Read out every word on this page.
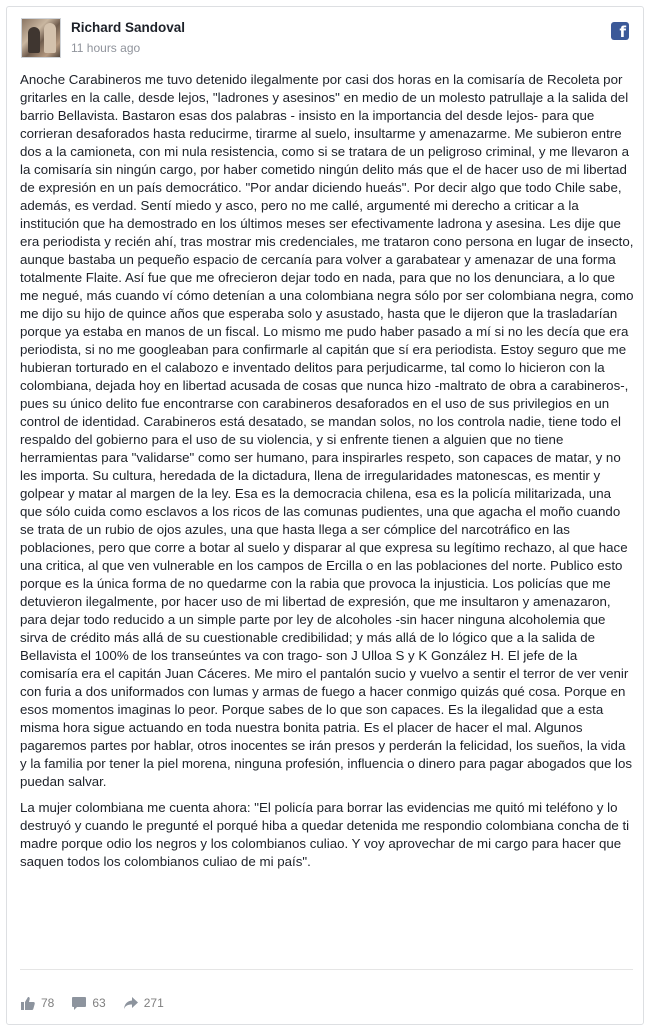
Richard Sandoval
11 hours ago
f

Anoche Carabineros me tuvo detenido ilegalmente por casi dos horas en la comisaría de Recoleta por gritarles en la calle, desde lejos, "ladrones y asesinos" en medio de un molesto patrullaje a la salida del barrio Bellavista. Bastaron esas dos palabras - insisto en la importancia del desde lejos- para que corrieran desaforados hasta reducirme, tirarme al suelo, insultarme y amenazarme. Me subieron entre dos a la camioneta, con mi nula resistencia, como si se tratara de un peligroso criminal, y me llevaron a la comisaría sin ningún cargo, por haber cometido ningún delito más que el de hacer uso de mi libertad de expresión en un país democrático. "Por andar diciendo hueás". Por decir algo que todo Chile sabe, además, es verdad. Sentí miedo y asco, pero no me callé, argumenté mi derecho a criticar a la institución que ha demostrado en los últimos meses ser efectivamente ladrona y asesina. Les dije que era periodista y recién ahí, tras mostrar mis credenciales, me trataron cono persona en lugar de insecto, aunque bastaba un pequeño espacio de cercanía para volver a garabatear y amenazar de una forma totalmente Flaite. Así fue que me ofrecieron dejar todo en nada, para que no los denunciara, a lo que me negué, más cuando ví cómo detenían a una colombiana negra sólo por ser colombiana negra, como me dijo su hijo de quince años que esperaba solo y asustado, hasta que le dijeron que la trasladarían porque ya estaba en manos de un fiscal. Lo mismo me pudo haber pasado a mí si no les decía que era periodista, si no me googleaban para confirmarle al capitán que sí era periodista. Estoy seguro que me hubieran torturado en el calabozo e inventado delitos para perjudicarme, tal como lo hicieron con la colombiana, dejada hoy en libertad acusada de cosas que nunca hizo -maltrato de obra a carabineros-, pues su único delito fue encontrarse con carabineros desaforados en el uso de sus privilegios en un control de identidad. Carabineros está desatado, se mandan solos, no los controla nadie, tiene todo el respaldo del gobierno para el uso de su violencia, y si enfrente tienen a alguien que no tiene herramientas para "validarse" como ser humano, para inspirarles respeto, son capaces de matar, y no les importa. Su cultura, heredada de la dictadura, llena de irregularidades matonescas, es mentir y golpear y matar al margen de la ley. Esa es la democracia chilena, esa es la policía militarizada, una que sólo cuida como esclavos a los ricos de las comunas pudientes, una que agacha el moño cuando se trata de un rubio de ojos azules, una que hasta llega a ser cómplice del narcotráfico en las poblaciones, pero que corre a botar al suelo y disparar al que expresa su legítimo rechazo, al que hace una critica, al que ven vulnerable en los campos de Ercilla o en las poblaciones del norte. Publico esto porque es la única forma de no quedarme con la rabia que provoca la injusticia. Los policías que me detuvieron ilegalmente, por hacer uso de mi libertad de expresión, que me insultaron y amenazaron, para dejar todo reducido a un simple parte por ley de alcoholes -sin hacer ninguna alcoholemia que sirva de crédito más allá de su cuestionable credibilidad; y más allá de lo lógico que a la salida de Bellavista el 100% de los transeúntes va con trago- son J Ulloa S y K González H. El jefe de la comisaría era el capitán Juan Cáceres. Me miro el pantalón sucio y vuelvo a sentir el terror de ver venir con furia a dos uniformados con lumas y armas de fuego a hacer conmigo quizás qué cosa. Porque en esos momentos imaginas lo peor. Porque sabes de lo que son capaces. Es la ilegalidad que a esta misma hora sigue actuando en toda nuestra bonita patria. Es el placer de hacer el mal. Algunos pagaremos partes por hablar, otros inocentes se irán presos y perderán la felicidad, los sueños, la vida y la familia por tener la piel morena, ninguna profesión, influencia o dinero para pagar abogados que los puedan salvar.

La mujer colombiana me cuenta ahora: "El policía para borrar las evidencias me quitó mi teléfono y lo destruyó y cuando le pregunté el porqué hiba a quedar detenida me respondio colombiana concha de ti madre porque odio los negros y los colombianos culiao. Y voy aprovechar de mi cargo para hacer que saquen todos los colombianos culiao de mi país".

78	63	271
